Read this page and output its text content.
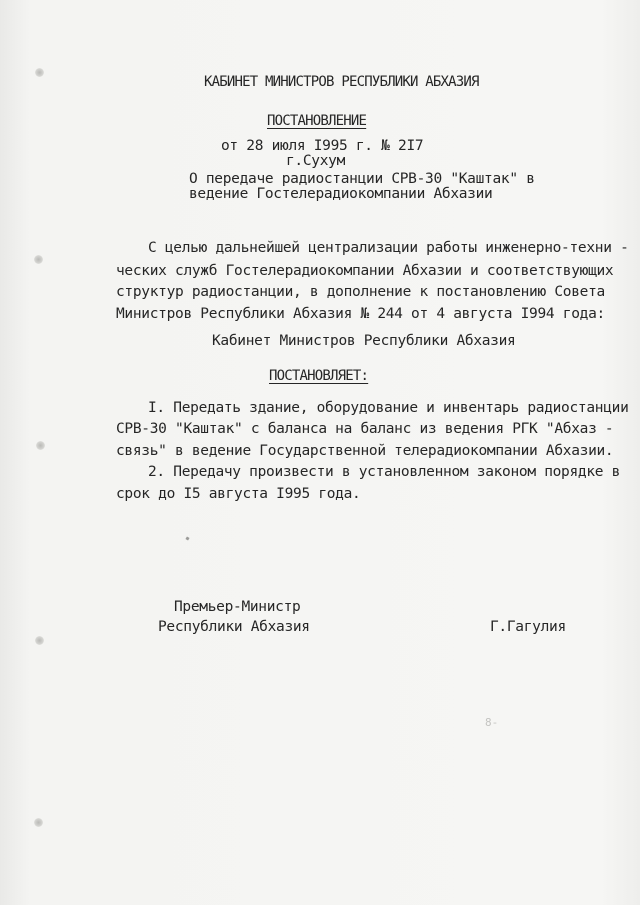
КАБИНЕТ МИНИСТРОВ РЕСПУБЛИКИ АБХАЗИЯ
ПОСТАНОВЛЕНИЕ
от 28 июля I995 г. № 2I7
г.Сухум
О передаче радиостанции СРВ-30 "Каштак" в
ведение Гостелерадиокомпании Абхазии
С целью дальнейшей централизации работы инженерно-техни -
ческих служб Гостелерадиокомпании Абхазии и соответствующих
структур радиостанции, в дополнение к постановлению Совета
Министров Республики Абхазия № 244 от 4 августа I994 года:
Кабинет Министров Республики Абхазия
ПОСТАНОВЛЯЕТ:
I. Передать здание, оборудование и инвентарь радиостанции
СРВ-30 "Каштак" с баланса на баланс из ведения РГК "Абхаз -
связь" в ведение Государственной телерадиокомпании Абхазии.
2. Передачу произвести в установленном законом порядке в
срок до I5 августа I995 года.
Премьер-Министр
Республики Абхазия	Г.Гагулия
8-
